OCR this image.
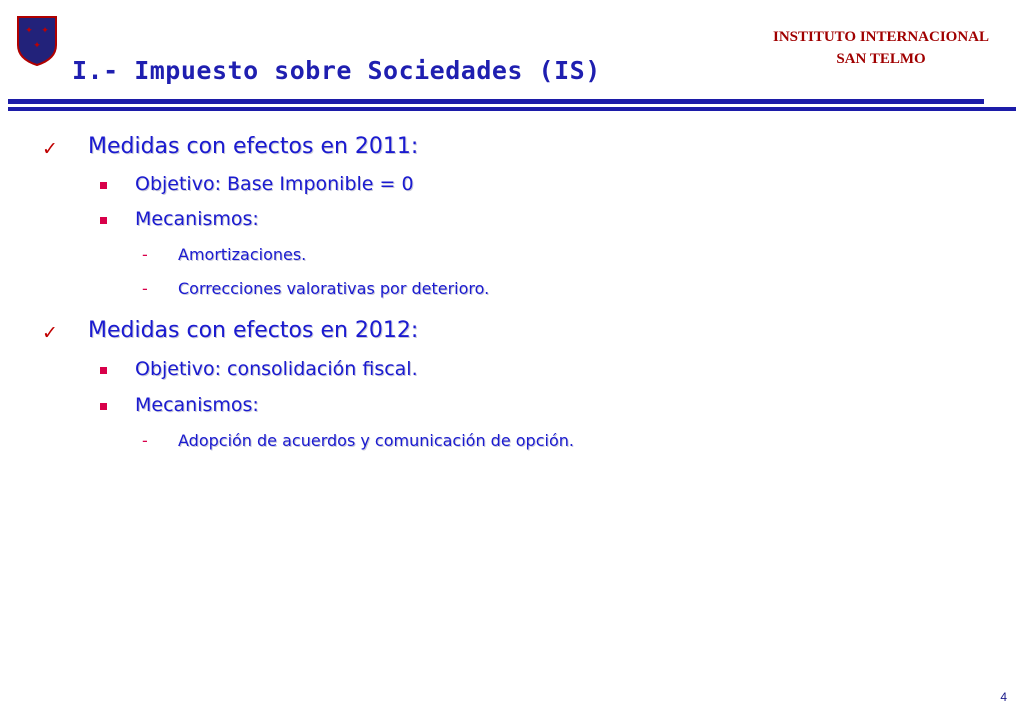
✦ ✦
✦
I.- Impuesto sobre Sociedades (IS)
INSTITUTO INTERNACIONAL
SAN TELMO
✓ Medidas con efectos en 2011:
Objetivo: Base Imponible = 0
Mecanismos:
- Amortizaciones.
- Correcciones valorativas por deterioro.
✓ Medidas con efectos en 2012:
Objetivo: consolidación fiscal.
Mecanismos:
- Adopción de acuerdos y comunicación de opción.
4
